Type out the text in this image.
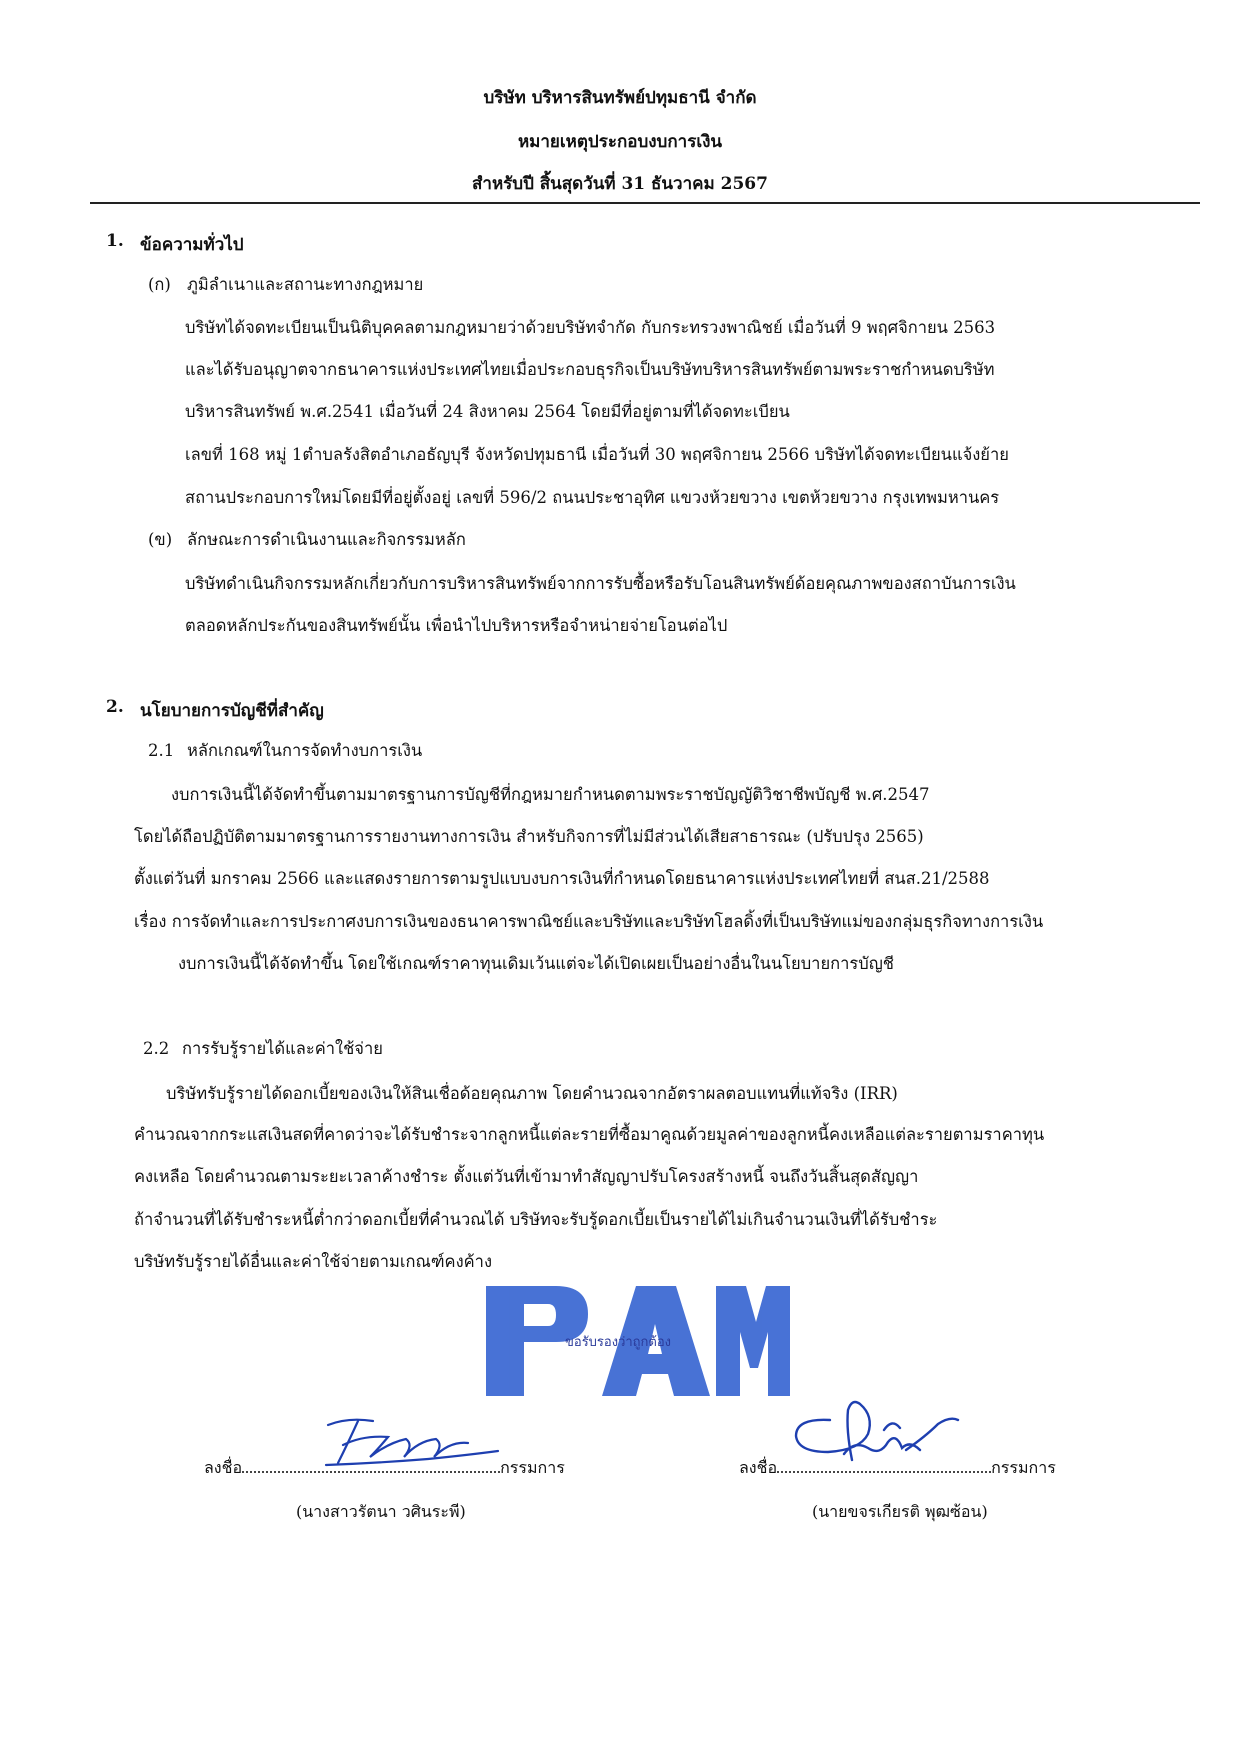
บริษัท บริหารสินทรัพย์ปทุมธานี จำกัด
หมายเหตุประกอบงบการเงิน
สำหรับปี สิ้นสุดวันที่ 31 ธันวาคม 2567
1. ข้อความทั่วไป
(ก) ภูมิลำเนาและสถานะทางกฎหมาย
บริษัทได้จดทะเบียนเป็นนิติบุคคลตามกฎหมายว่าด้วยบริษัทจำกัด กับกระทรวงพาณิชย์ เมื่อวันที่ 9 พฤศจิกายน 2563
และได้รับอนุญาตจากธนาคารแห่งประเทศไทยเมื่อประกอบธุรกิจเป็นบริษัทบริหารสินทรัพย์ตามพระราชกำหนดบริษัท
บริหารสินทรัพย์ พ.ศ.2541 เมื่อวันที่ 24 สิงหาคม 2564 โดยมีที่อยู่ตามที่ได้จดทะเบียน
เลขที่ 168 หมู่ 1ตำบลรังสิตอำเภอธัญบุรี จังหวัดปทุมธานี เมื่อวันที่ 30 พฤศจิกายน 2566 บริษัทได้จดทะเบียนแจ้งย้าย
สถานประกอบการใหม่โดยมีที่อยู่ตั้งอยู่ เลขที่ 596/2 ถนนประชาอุทิศ แขวงห้วยขวาง เขตห้วยขวาง กรุงเทพมหานคร
(ข) ลักษณะการดำเนินงานและกิจกรรมหลัก
บริษัทดำเนินกิจกรรมหลักเกี่ยวกับการบริหารสินทรัพย์จากการรับซื้อหรือรับโอนสินทรัพย์ด้อยคุณภาพของสถาบันการเงิน
ตลอดหลักประกันของสินทรัพย์นั้น เพื่อนำไปบริหารหรือจำหน่ายจ่ายโอนต่อไป
2. นโยบายการบัญชีที่สำคัญ
2.1 หลักเกณฑ์ในการจัดทำงบการเงิน
งบการเงินนี้ได้จัดทำขึ้นตามมาตรฐานการบัญชีที่กฎหมายกำหนดตามพระราชบัญญัติวิชาชีพบัญชี พ.ศ.2547
โดยได้ถือปฏิบัติตามมาตรฐานการรายงานทางการเงิน สำหรับกิจการที่ไม่มีส่วนได้เสียสาธารณะ (ปรับปรุง 2565)
ตั้งแต่วันที่ มกราคม 2566 และแสดงรายการตามรูปแบบงบการเงินที่กำหนดโดยธนาคารแห่งประเทศไทยที่ สนส.21/2588
เรื่อง การจัดทำและการประกาศงบการเงินของธนาคารพาณิชย์และบริษัทและบริษัทโฮลดิ้งที่เป็นบริษัทแม่ของกลุ่มธุรกิจทางการเงิน
งบการเงินนี้ได้จัดทำขึ้น โดยใช้เกณฑ์ราคาทุนเดิมเว้นแต่จะได้เปิดเผยเป็นอย่างอื่นในนโยบายการบัญชี
2.2 การรับรู้รายได้และค่าใช้จ่าย
บริษัทรับรู้รายได้ดอกเบี้ยของเงินให้สินเชื่อด้อยคุณภาพ โดยคำนวณจากอัตราผลตอบแทนที่แท้จริง (IRR)
คำนวณจากกระแสเงินสดที่คาดว่าจะได้รับชำระจากลูกหนี้แต่ละรายที่ซื้อมาคูณด้วยมูลค่าของลูกหนี้คงเหลือแต่ละรายตามราคาทุน
คงเหลือ โดยคำนวณตามระยะเวลาค้างชำระ ตั้งแต่วันที่เข้ามาทำสัญญาปรับโครงสร้างหนี้ จนถึงวันสิ้นสุดสัญญา
ถ้าจำนวนที่ได้รับชำระหนี้ต่ำกว่าดอกเบี้ยที่คำนวณได้ บริษัทจะรับรู้ดอกเบี้ยเป็นรายได้ไม่เกินจำนวนเงินที่ได้รับชำระ
บริษัทรับรู้รายได้อื่นและค่าใช้จ่ายตามเกณฑ์คงค้าง
ขอรับรองว่าถูกต้อง
ลงชื่อ	กรรมการ
(นางสาวรัตนา วศินระพี)
ลงชื่อ	กรรมการ
(นายขจรเกียรติ พุฒซ้อน)
